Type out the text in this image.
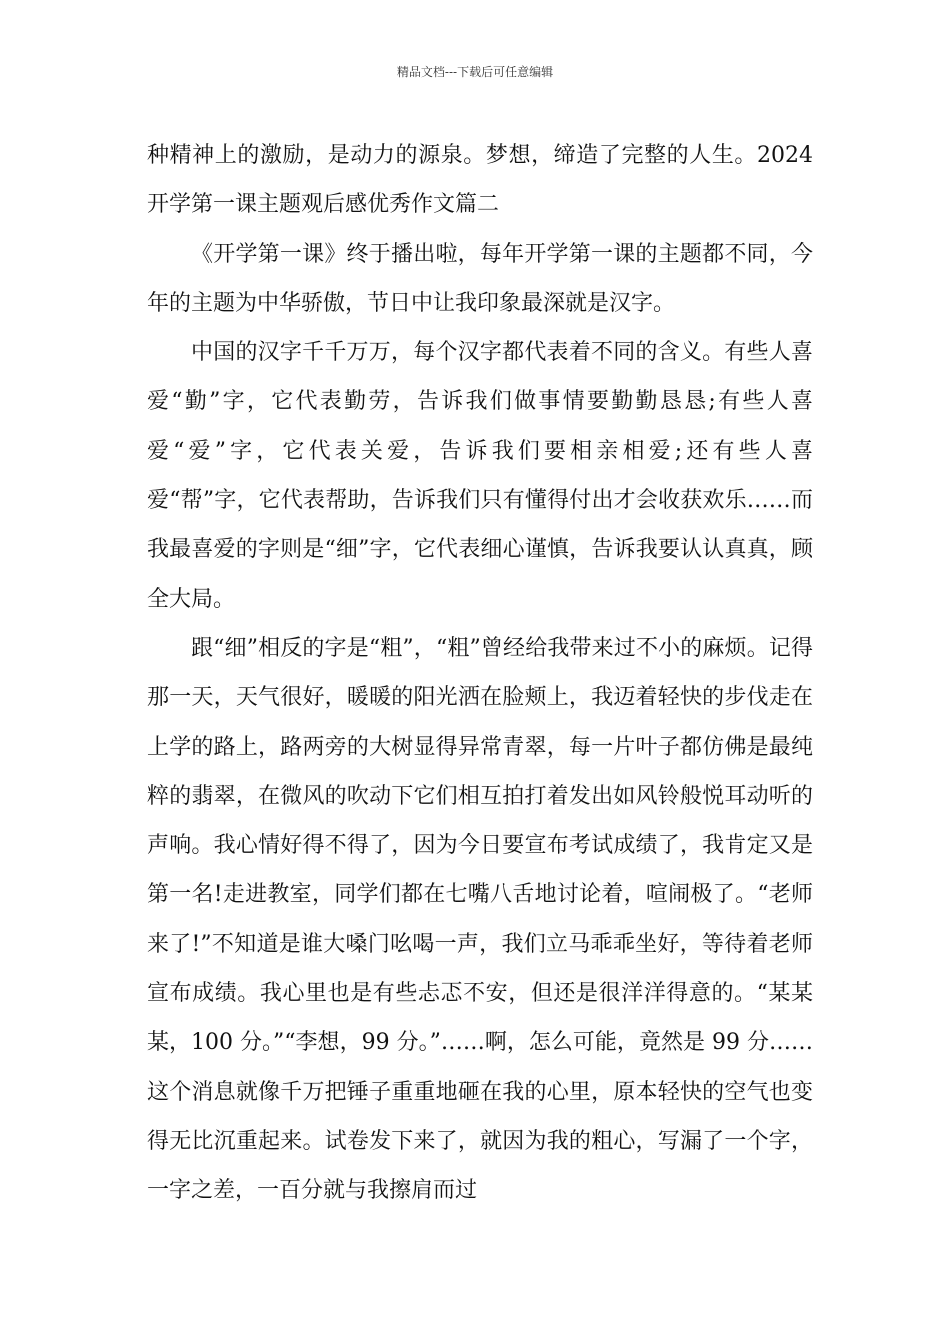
精品文档---下载后可任意编辑

种精神上的激励，是动力的源泉。梦想，缔造了完整的人生。2024 开学第一课主题观后感优秀作文篇二

《开学第一课》终于播出啦，每年开学第一课的主题都不同，今年的主题为中华骄傲，节日中让我印象最深就是汉字。

中国的汉字千千万万，每个汉字都代表着不同的含义。有些人喜爱“勤”字，它代表勤劳，告诉我们做事情要勤勤恳恳;有些人喜爱“爱”字，它代表关爱，告诉我们要相亲相爱;还有些人喜爱“帮”字，它代表帮助，告诉我们只有懂得付出才会收获欢乐……而我最喜爱的字则是“细”字，它代表细心谨慎，告诉我要认认真真，顾全大局。

跟“细”相反的字是“粗”，“粗”曾经给我带来过不小的麻烦。记得那一天，天气很好，暖暖的阳光洒在脸颊上，我迈着轻快的步伐走在上学的路上，路两旁的大树显得异常青翠，每一片叶子都仿佛是最纯粹的翡翠，在微风的吹动下它们相互拍打着发出如风铃般悦耳动听的声响。我心情好得不得了，因为今日要宣布考试成绩了，我肯定又是第一名!走进教室，同学们都在七嘴八舌地讨论着，喧闹极了。“老师来了!”不知道是谁大嗓门吆喝一声，我们立马乖乖坐好，等待着老师宣布成绩。我心里也是有些忐忑不安，但还是很洋洋得意的。“某某某，100 分。”“李想，99 分。”……啊，怎么可能，竟然是 99 分……这个消息就像千万把锤子重重地砸在我的心里，原本轻快的空气也变得无比沉重起来。试卷发下来了，就因为我的粗心，写漏了一个字，一字之差，一百分就与我擦肩而过
